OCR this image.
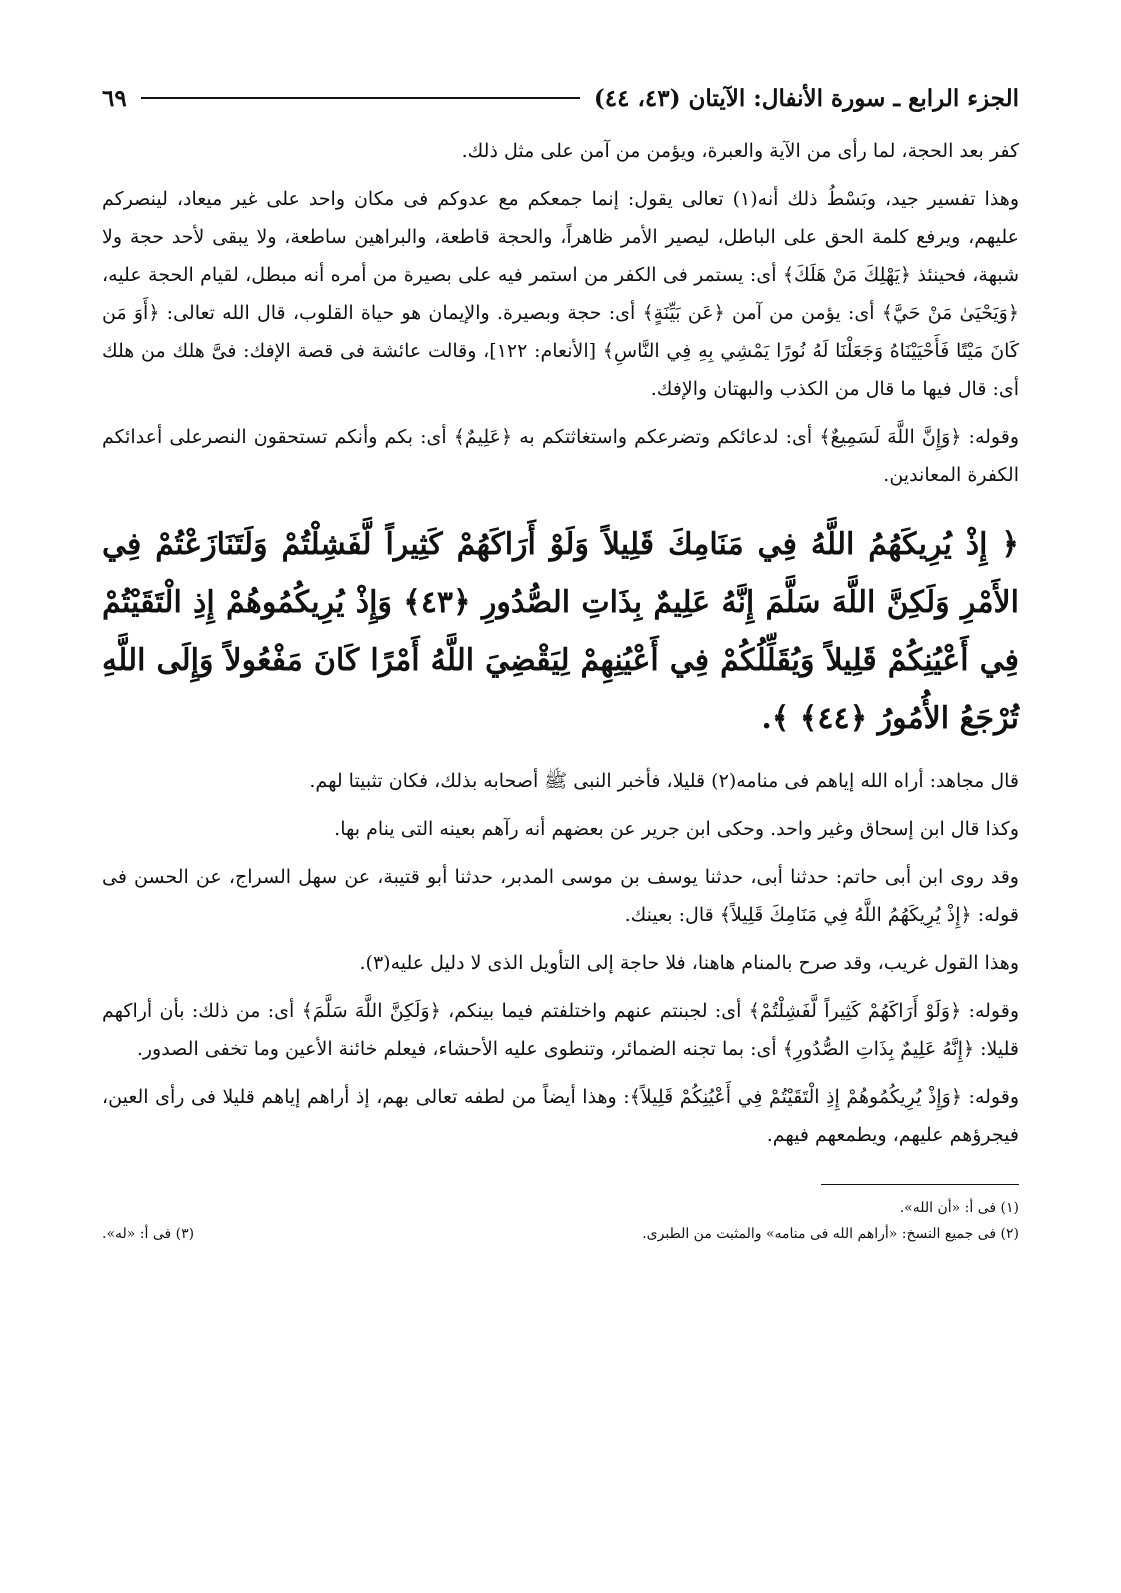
الجزء الرابع ـ سورة الأنفال: الآيتان (٤٣، ٤٤)
٦٩

كفر بعد الحجة، لما رأى من الآية والعبرة، ويؤمن من آمن على مثل ذلك.

وهذا تفسير جيد، وبَسْطُ ذلك أنه(١) تعالى يقول: إنما جمعكم مع عدوكم فى مكان واحد على غير ميعاد، لينصركم عليهم، ويرفع كلمة الحق على الباطل، ليصير الأمر ظاهراً، والحجة قاطعة، والبراهين ساطعة، ولا يبقى لأحد حجة ولا شبهة، فحينئذ ﴿يَهْلِكَ مَنْ هَلَكَ﴾ أى: يستمر فى الكفر من استمر فيه على بصيرة من أمره أنه مبطل، لقيام الحجة عليه، ﴿وَيَحْيَىٰ مَنْ حَيَّ﴾ أى: يؤمن من آمن ﴿عَن بَيِّنَةٍ﴾ أى: حجة وبصيرة. والإيمان هو حياة القلوب، قال الله تعالى: ﴿أَوَ مَن كَانَ مَيْتًا فَأَحْيَيْنَاهُ وَجَعَلْنَا لَهُ نُورًا يَمْشِي بِهِ فِي النَّاسِ﴾ [الأنعام: ١٢٢]، وقالت عائشة فى قصة الإفك: فىَّ هلك من هلك أى: قال فيها ما قال من الكذب والبهتان والإفك.

وقوله: ﴿وَإِنَّ اللَّهَ لَسَمِيعٌ﴾ أى: لدعائكم وتضرعكم واستغاثتكم به ﴿عَلِيمٌ﴾ أى: بكم وأنكم تستحقون النصرعلى أعدائكم الكفرة المعاندين.

﴿ إِذْ يُرِيكَهُمُ اللَّهُ فِي مَنَامِكَ قَلِيلاً وَلَوْ أَرَاكَهُمْ كَثِيراً لَّفَشِلْتُمْ وَلَتَنَازَعْتُمْ فِي الأَمْرِ وَلَكِنَّ اللَّهَ سَلَّمَ إِنَّهُ عَلِيمٌ بِذَاتِ الصُّدُورِ ﴿٤٣﴾ وَإِذْ يُرِيكُمُوهُمْ إِذِ الْتَقَيْتُمْ فِي أَعْيُنِكُمْ قَلِيلاً وَيُقَلِّلُكُمْ فِي أَعْيُنِهِمْ لِيَقْضِيَ اللَّهُ أَمْرًا كَانَ مَفْعُولاً وَإِلَى اللَّهِ تُرْجَعُ الأُمُورُ ﴿٤٤﴾ ﴾.

قال مجاهد: أراه الله إياهم فى منامه(٢) قليلا، فأخبر النبى ﷺ أصحابه بذلك، فكان تثبيتا لهم.

وكذا قال ابن إسحاق وغير واحد. وحكى ابن جرير عن بعضهم أنه رآهم بعينه التى ينام بها.

وقد روى ابن أبى حاتم: حدثنا أبى، حدثنا يوسف بن موسى المدبر، حدثنا أبو قتيبة، عن سهل السراج، عن الحسن فى قوله: ﴿إِذْ يُرِيكَهُمُ اللَّهُ فِي مَنَامِكَ قَلِيلاً﴾ قال: بعينك.

وهذا القول غريب، وقد صرح بالمنام هاهنا، فلا حاجة إلى التأويل الذى لا دليل عليه(٣).

وقوله: ﴿وَلَوْ أَرَاكَهُمْ كَثِيراً لَّفَشِلْتُمْ﴾ أى: لجبنتم عنهم واختلفتم فيما بينكم، ﴿وَلَكِنَّ اللَّهَ سَلَّمَ﴾ أى: من ذلك: بأن أراكهم قليلا: ﴿إِنَّهُ عَلِيمٌ بِذَاتِ الصُّدُورِ﴾ أى: بما تجنه الضمائر، وتنطوى عليه الأحشاء، فيعلم خائنة الأعين وما تخفى الصدور.

وقوله: ﴿وَإِذْ يُرِيكُمُوهُمْ إِذِ الْتَقَيْتُمْ فِي أَعْيُنِكُمْ قَلِيلاً﴾: وهذا أيضاً من لطفه تعالى بهم، إذ أراهم إياهم قليلا فى رأى العين، فيجرؤهم عليهم، ويطمعهم فيهم.

(١) فى أ: «أن الله».
(٢) فى جميع النسخ: «أراهم الله فى منامه» والمثبت من الطبرى.
(٣) فى أ: «له».
